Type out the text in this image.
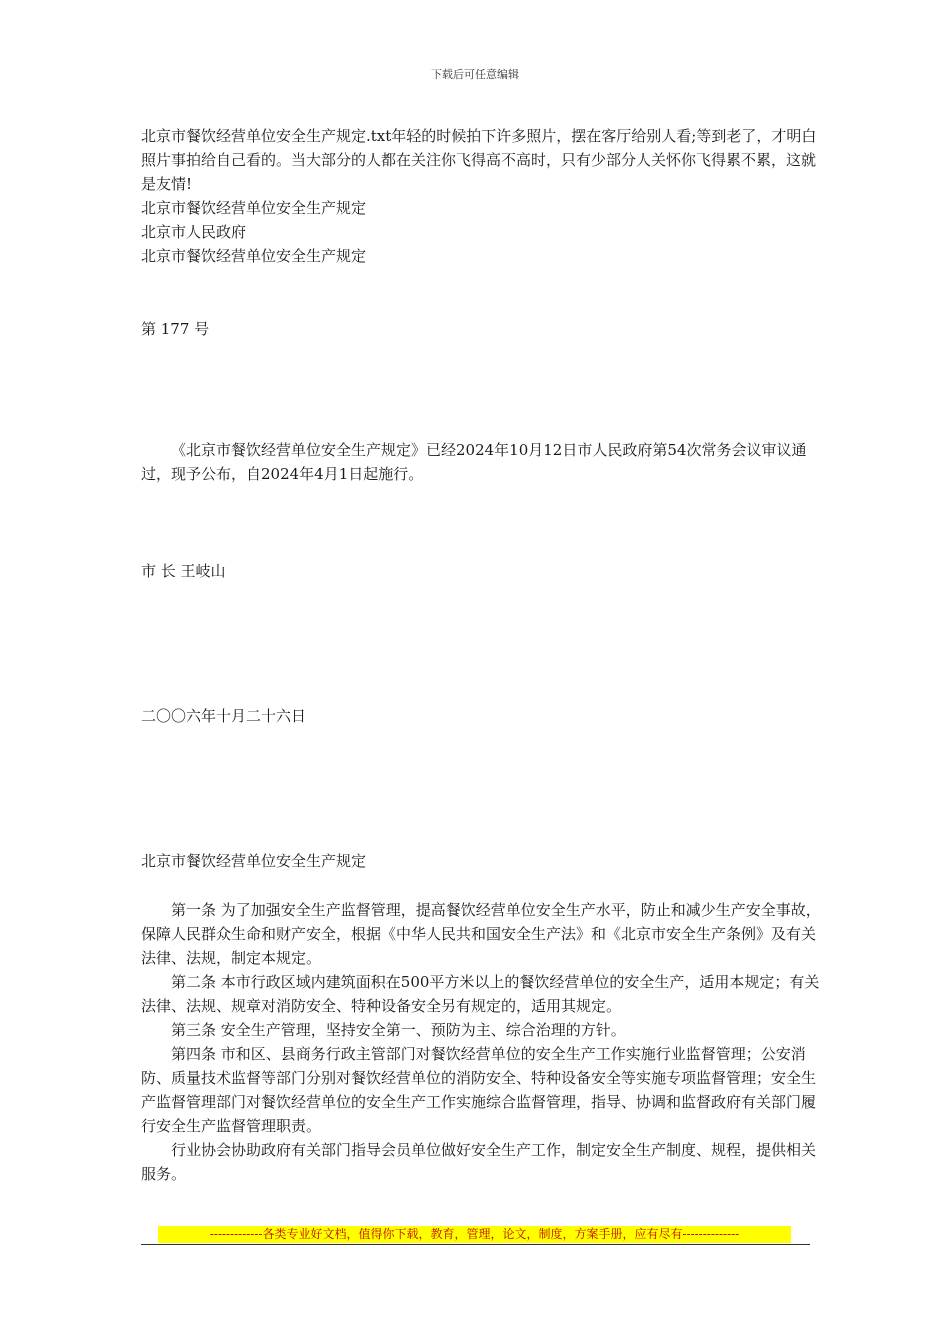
下载后可任意编辑

北京市餐饮经营单位安全生产规定.txt年轻的时候拍下许多照片，摆在客厅给别人看;等到老了，才明白照片事拍给自己看的。当大部分的人都在关注你飞得高不高时，只有少部分人关怀你飞得累不累，这就是友情!

北京市餐饮经营单位安全生产规定

北京市人民政府

北京市餐饮经营单位安全生产规定

第 177 号

《北京市餐饮经营单位安全生产规定》已经2024年10月12日市人民政府第54次常务会议审议通过，现予公布，自2024年4月1日起施行。

市 长 王岐山

二〇〇六年十月二十六日

北京市餐饮经营单位安全生产规定

第一条 为了加强安全生产监督管理，提高餐饮经营单位安全生产水平，防止和减少生产安全事故，保障人民群众生命和财产安全，根据《中华人民共和国安全生产法》和《北京市安全生产条例》及有关法律、法规，制定本规定。

第二条 本市行政区域内建筑面积在500平方米以上的餐饮经营单位的安全生产，适用本规定；有关法律、法规、规章对消防安全、特种设备安全另有规定的，适用其规定。

第三条 安全生产管理，坚持安全第一、预防为主、综合治理的方针。

第四条 市和区、县商务行政主管部门对餐饮经营单位的安全生产工作实施行业监督管理；公安消防、质量技术监督等部门分别对餐饮经营单位的消防安全、特种设备安全等实施专项监督管理；安全生产监督管理部门对餐饮经营单位的安全生产工作实施综合监督管理，指导、协调和监督政府有关部门履行安全生产监督管理职责。

行业协会协助政府有关部门指导会员单位做好安全生产工作，制定安全生产制度、规程，提供相关服务。

-------------各类专业好文档，值得你下载，教育，管理，论文，制度，方案手册，应有尽有--------------
